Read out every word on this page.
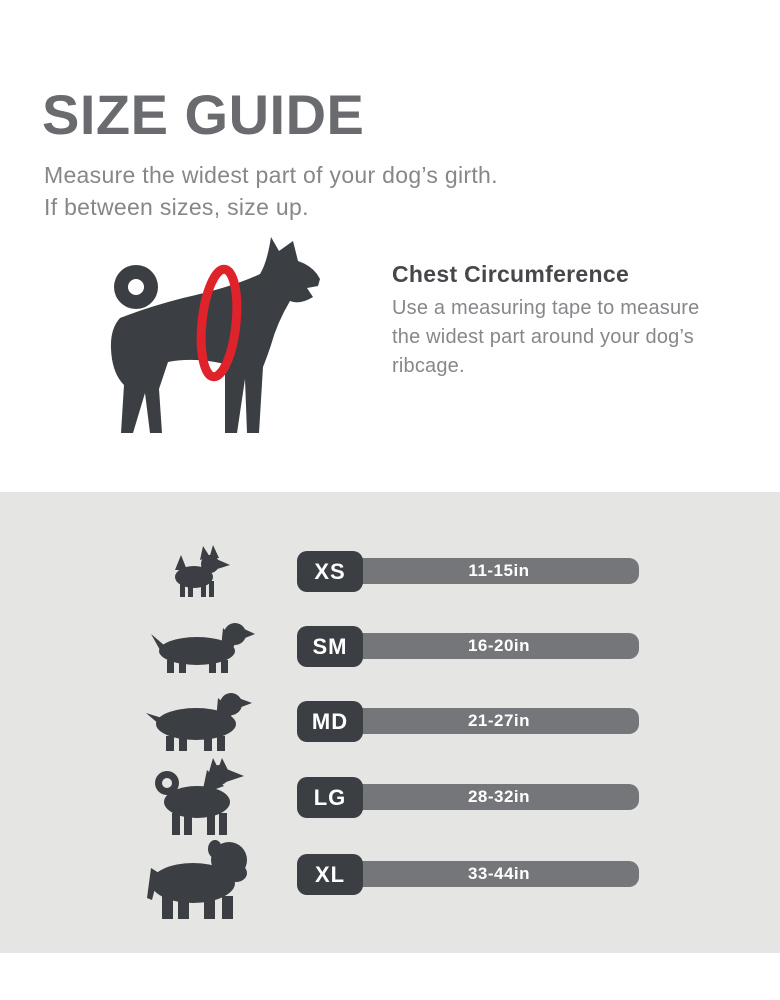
SIZE GUIDE
Measure the widest part of your dog’s girth.
If between sizes, size up.
Chest Circumference
Use a measuring tape to measure the widest part around your dog’s ribcage.
XS	11-15in
SM	16-20in
MD	21-27in
LG	28-32in
XL	33-44in
